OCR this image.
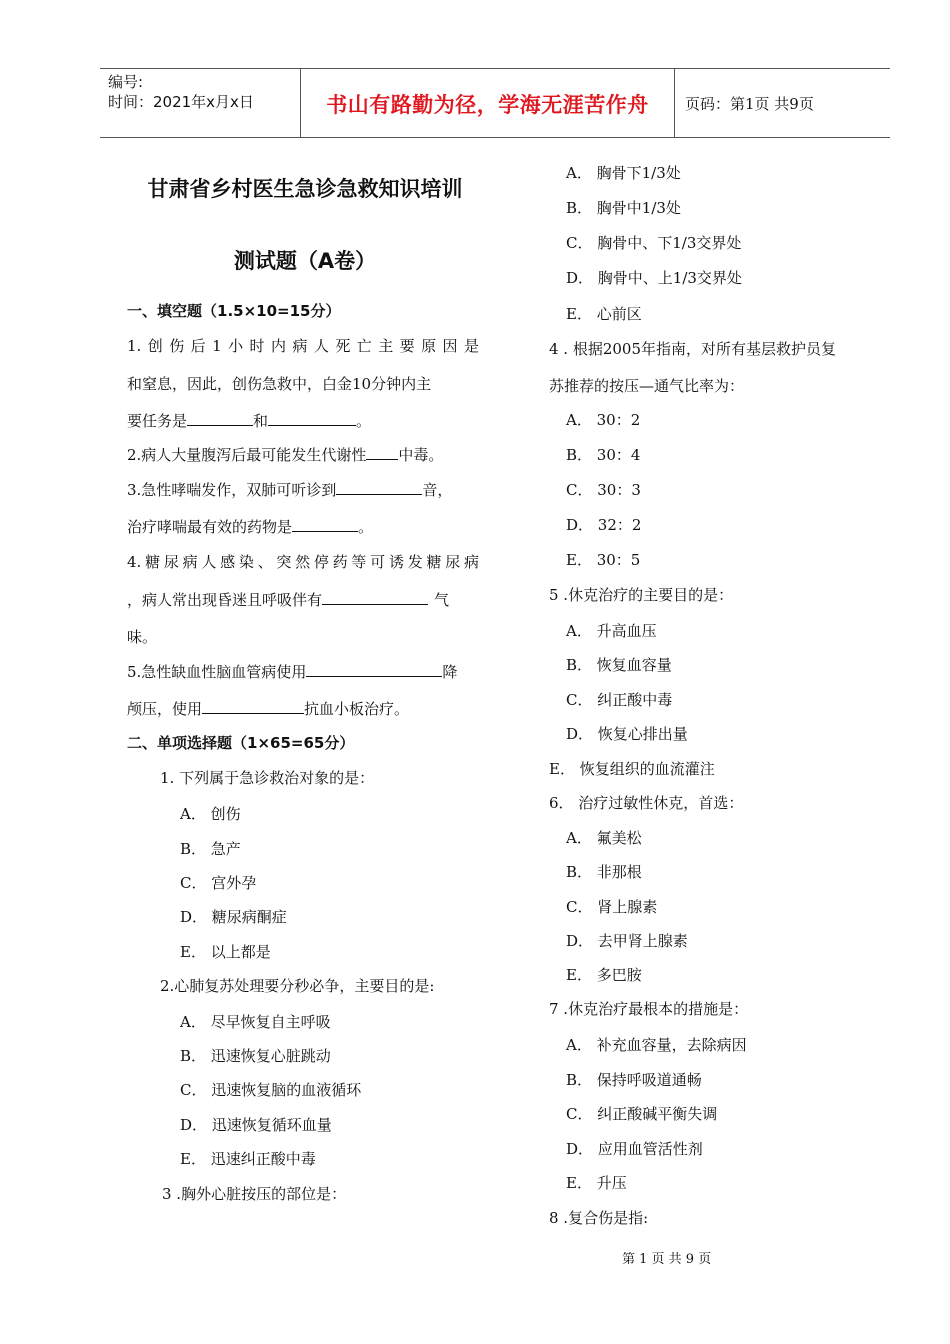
编号:
时间：2021年x月x日	书山有路勤为径，学海无涯苦作舟	页码：第1页 共9页
甘肃省乡村医生急诊急救知识培训
测试题（A卷）
一、填空题（1.5×10=15分）
1.创伤后1小时内病人死亡主要原因是
和窒息，因此，创伤急救中，白金10分钟内主
要任务是	和	。
2.病人大量腹泻后最可能发生代谢性 中毒。
3.急性哮喘发作，双肺可听诊到	音，
治疗哮喘最有效的药物是	。
4.糖尿病人感染、突然停药等可诱发糖尿病
，病人常出现昏迷且呼吸伴有	气
味。
5.急性缺血性脑血管病使用	降
颅压，使用	抗血小板治疗。
二、单项选择题（1×65=65分）
1. 下列属于急诊救治对象的是：
A． 创伤
B． 急产
C． 宫外孕
D． 糖尿病酮症
E． 以上都是
2.心肺复苏处理要分秒必争，主要目的是:
A． 尽早恢复自主呼吸
B． 迅速恢复心脏跳动
C． 迅速恢复脑的血液循环
D． 迅速恢复循环血量
E． 迅速纠正酸中毒
3 .胸外心脏按压的部位是：
A． 胸骨下1/3处
B． 胸骨中1/3处
C． 胸骨中、下1/3交界处
D． 胸骨中、上1/3交界处
E． 心前区
4 . 根据2005年指南，对所有基层救护员复
苏推荐的按压—通气比率为：
A． 30：2
B． 30：4
C． 30：3
D． 32：2
E． 30：5
5 .休克治疗的主要目的是：
A． 升高血压
B． 恢复血容量
C． 纠正酸中毒
D． 恢复心排出量
E． 恢复组织的血流灌注
6． 治疗过敏性休克，首选：
A． 氟美松
B． 非那根
C． 肾上腺素
D． 去甲肾上腺素
E． 多巴胺
7 .休克治疗最根本的措施是：
A． 补充血容量，去除病因
B． 保持呼吸道通畅
C． 纠正酸碱平衡失调
D． 应用血管活性剂
E． 升压
8 .复合伤是指:
第 1 页 共 9 页
